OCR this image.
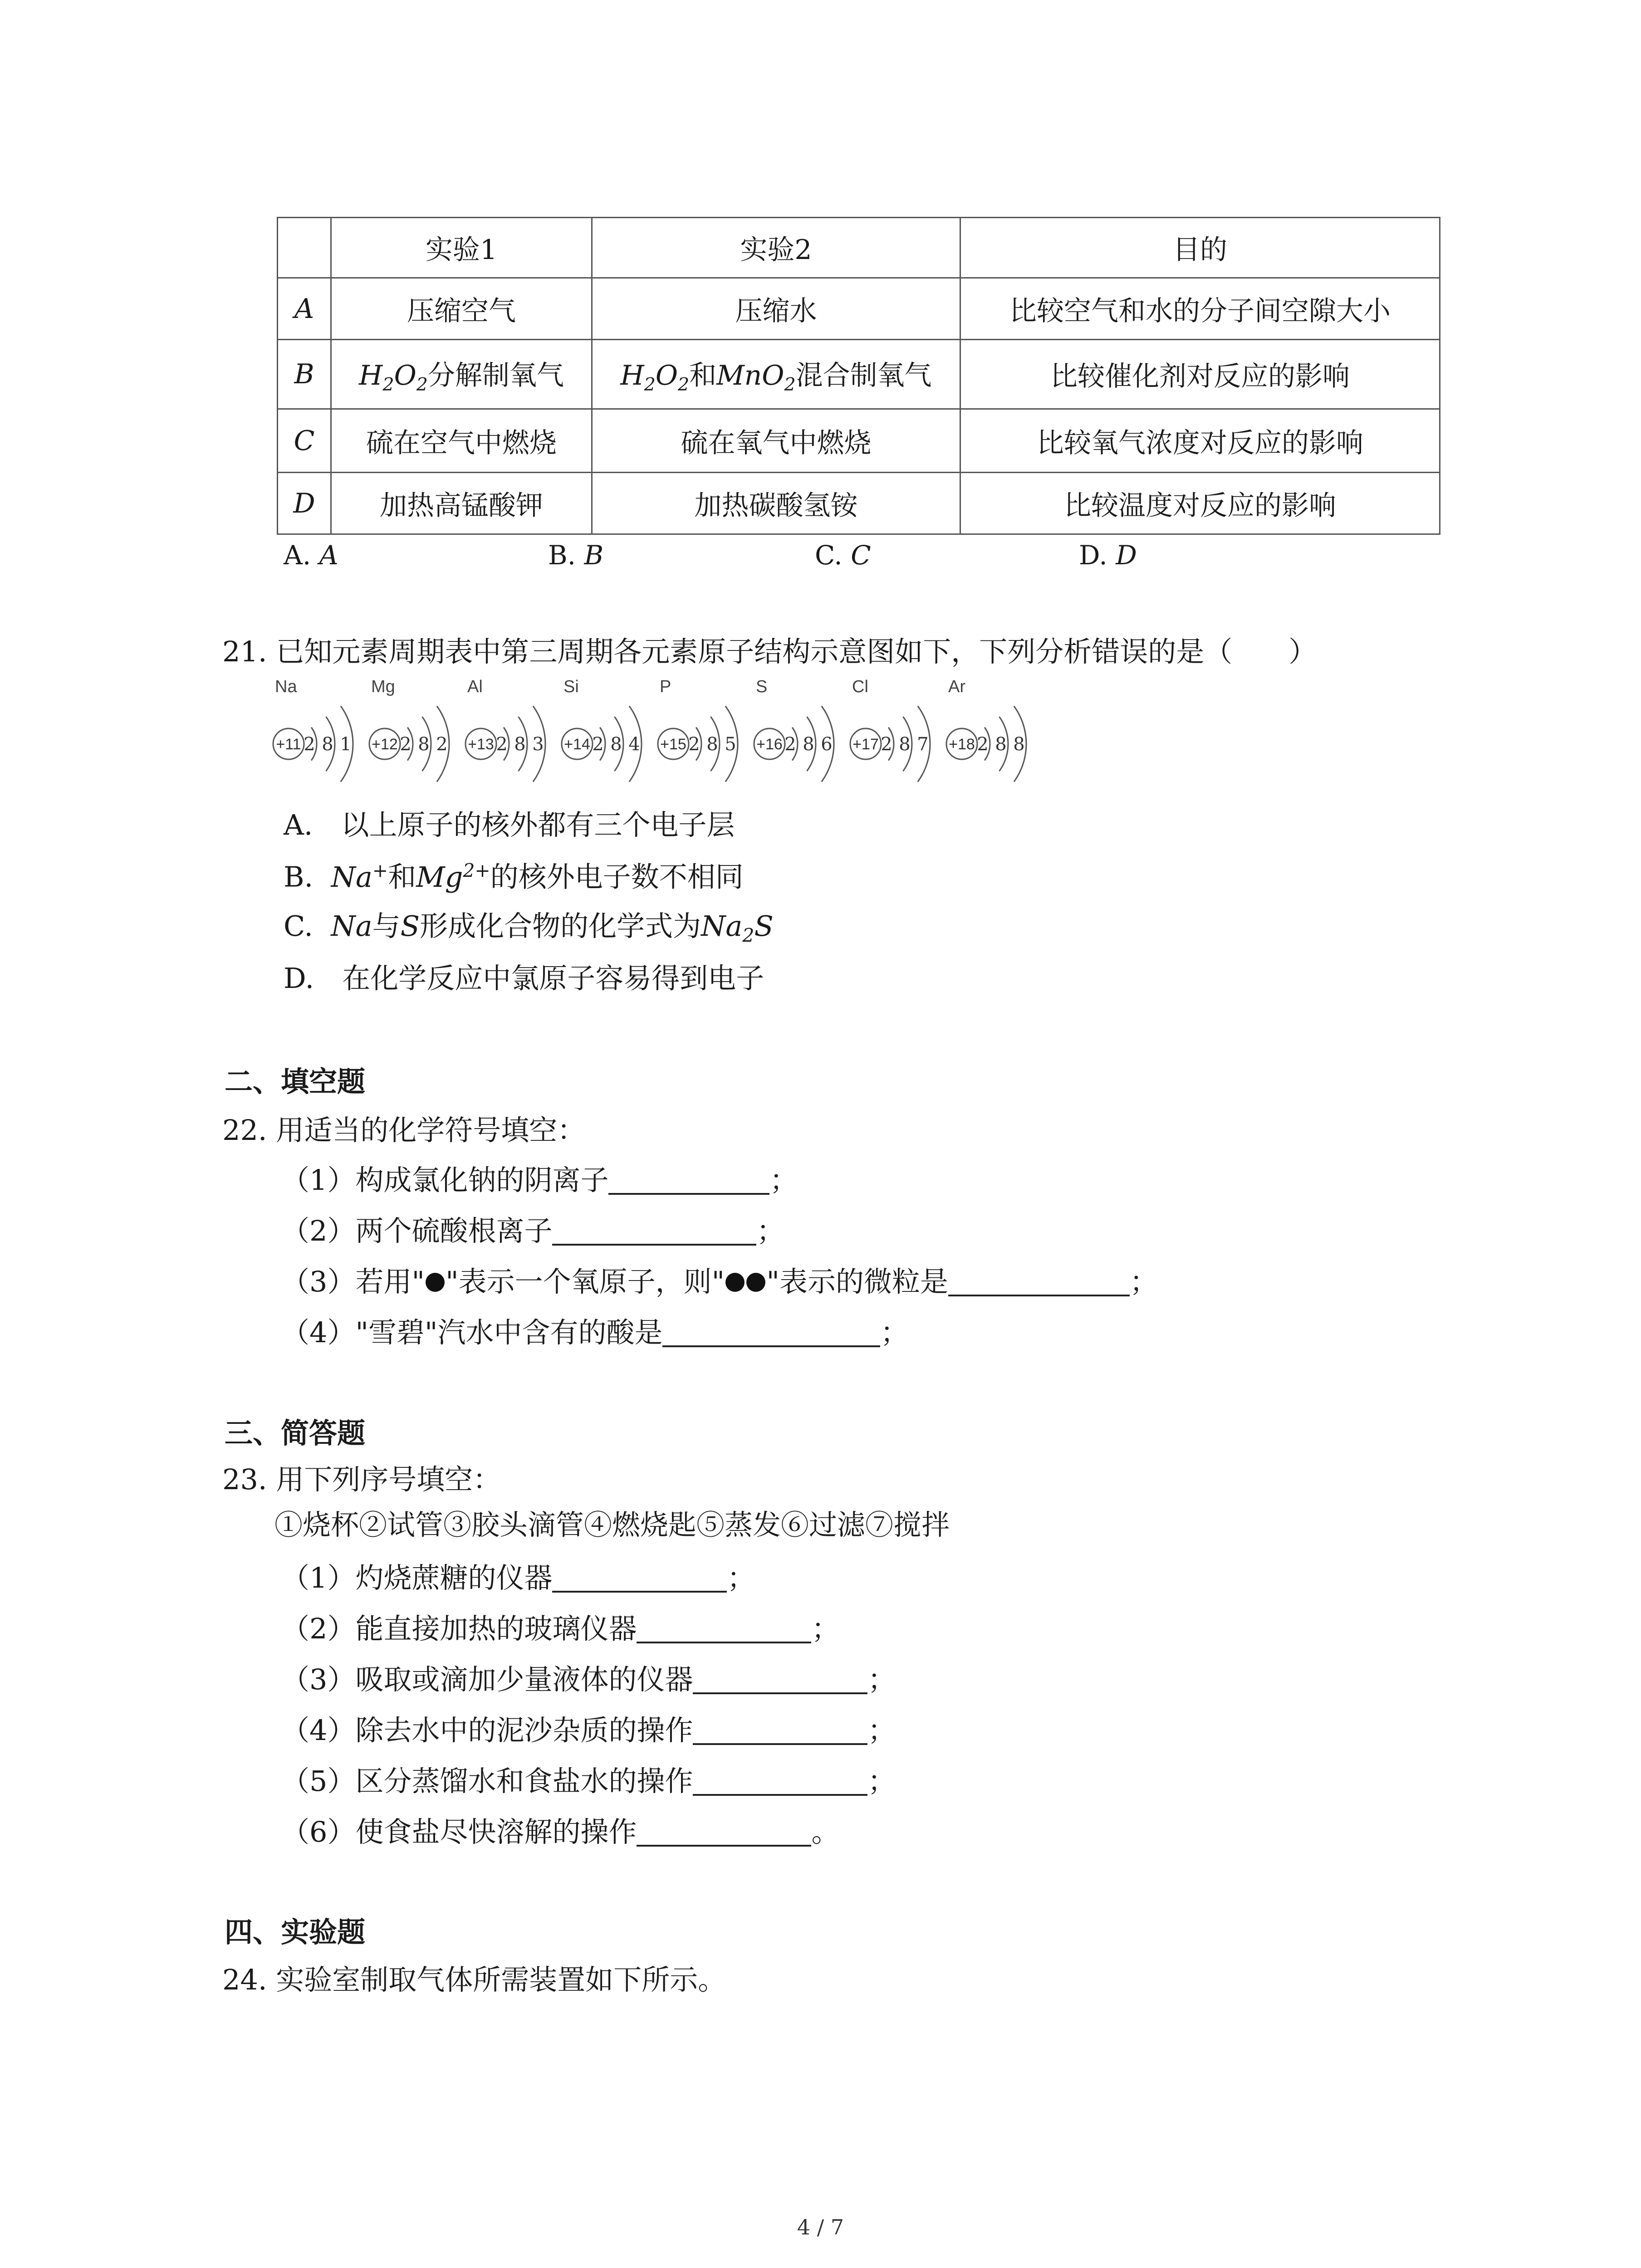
	实验1	实验2	目的
A	压缩空气	压缩水	比较空气和水的分子间空隙大小
B	$H_2O_2$分解制氧气	$H_2O_2$和MnO$_2$混合制氧气	比较催化剂对反应的影响
C	硫在空气中燃烧	硫在氧气中燃烧	比较氧气浓度对反应的影响
D	加热高锰酸钾	加热碳酸氢铵	比较温度对反应的影响
A. A	B. B	C. C	D. D
21. 已知元素周期表中第三周期各元素原子结构示意图如下，下列分析错误的是（　　）
Na
+11 2 8 1
Mg
+12 2 8 2
Al
+13 2 8 3
Si
+14 2 8 4
P
+15 2 8 5
S
+16 2 8 6
Cl
+17 2 8 7
Ar
+18 2 8 8
A.　以上原子的核外都有三个电子层
B. Na+和$Mg^{2+}$的核外电子数不相同
C. Na与S形成化合物的化学式为$Na_2S$
D.　在化学反应中氯原子容易得到电子
二、填空题
22. 用适当的化学符号填空：
（1）构成氯化钠的阴离子	；
（2）两个硫酸根离子	；
（3）若用" "表示一个氧原子，则" "表示的微粒是	；
（4）"雪碧"汽水中含有的酸是	；
三、简答题
23. 用下列序号填空：
①烧杯②试管③胶头滴管④燃烧匙⑤蒸发⑥过滤⑦搅拌
（1）灼烧蔗糖的仪器	；
（2）能直接加热的玻璃仪器	；
（3）吸取或滴加少量液体的仪器	；
（4）除去水中的泥沙杂质的操作	；
（5）区分蒸馏水和食盐水的操作	；
（6）使食盐尽快溶解的操作	。
四、实验题
24. 实验室制取气体所需装置如下所示。
4 / 7
